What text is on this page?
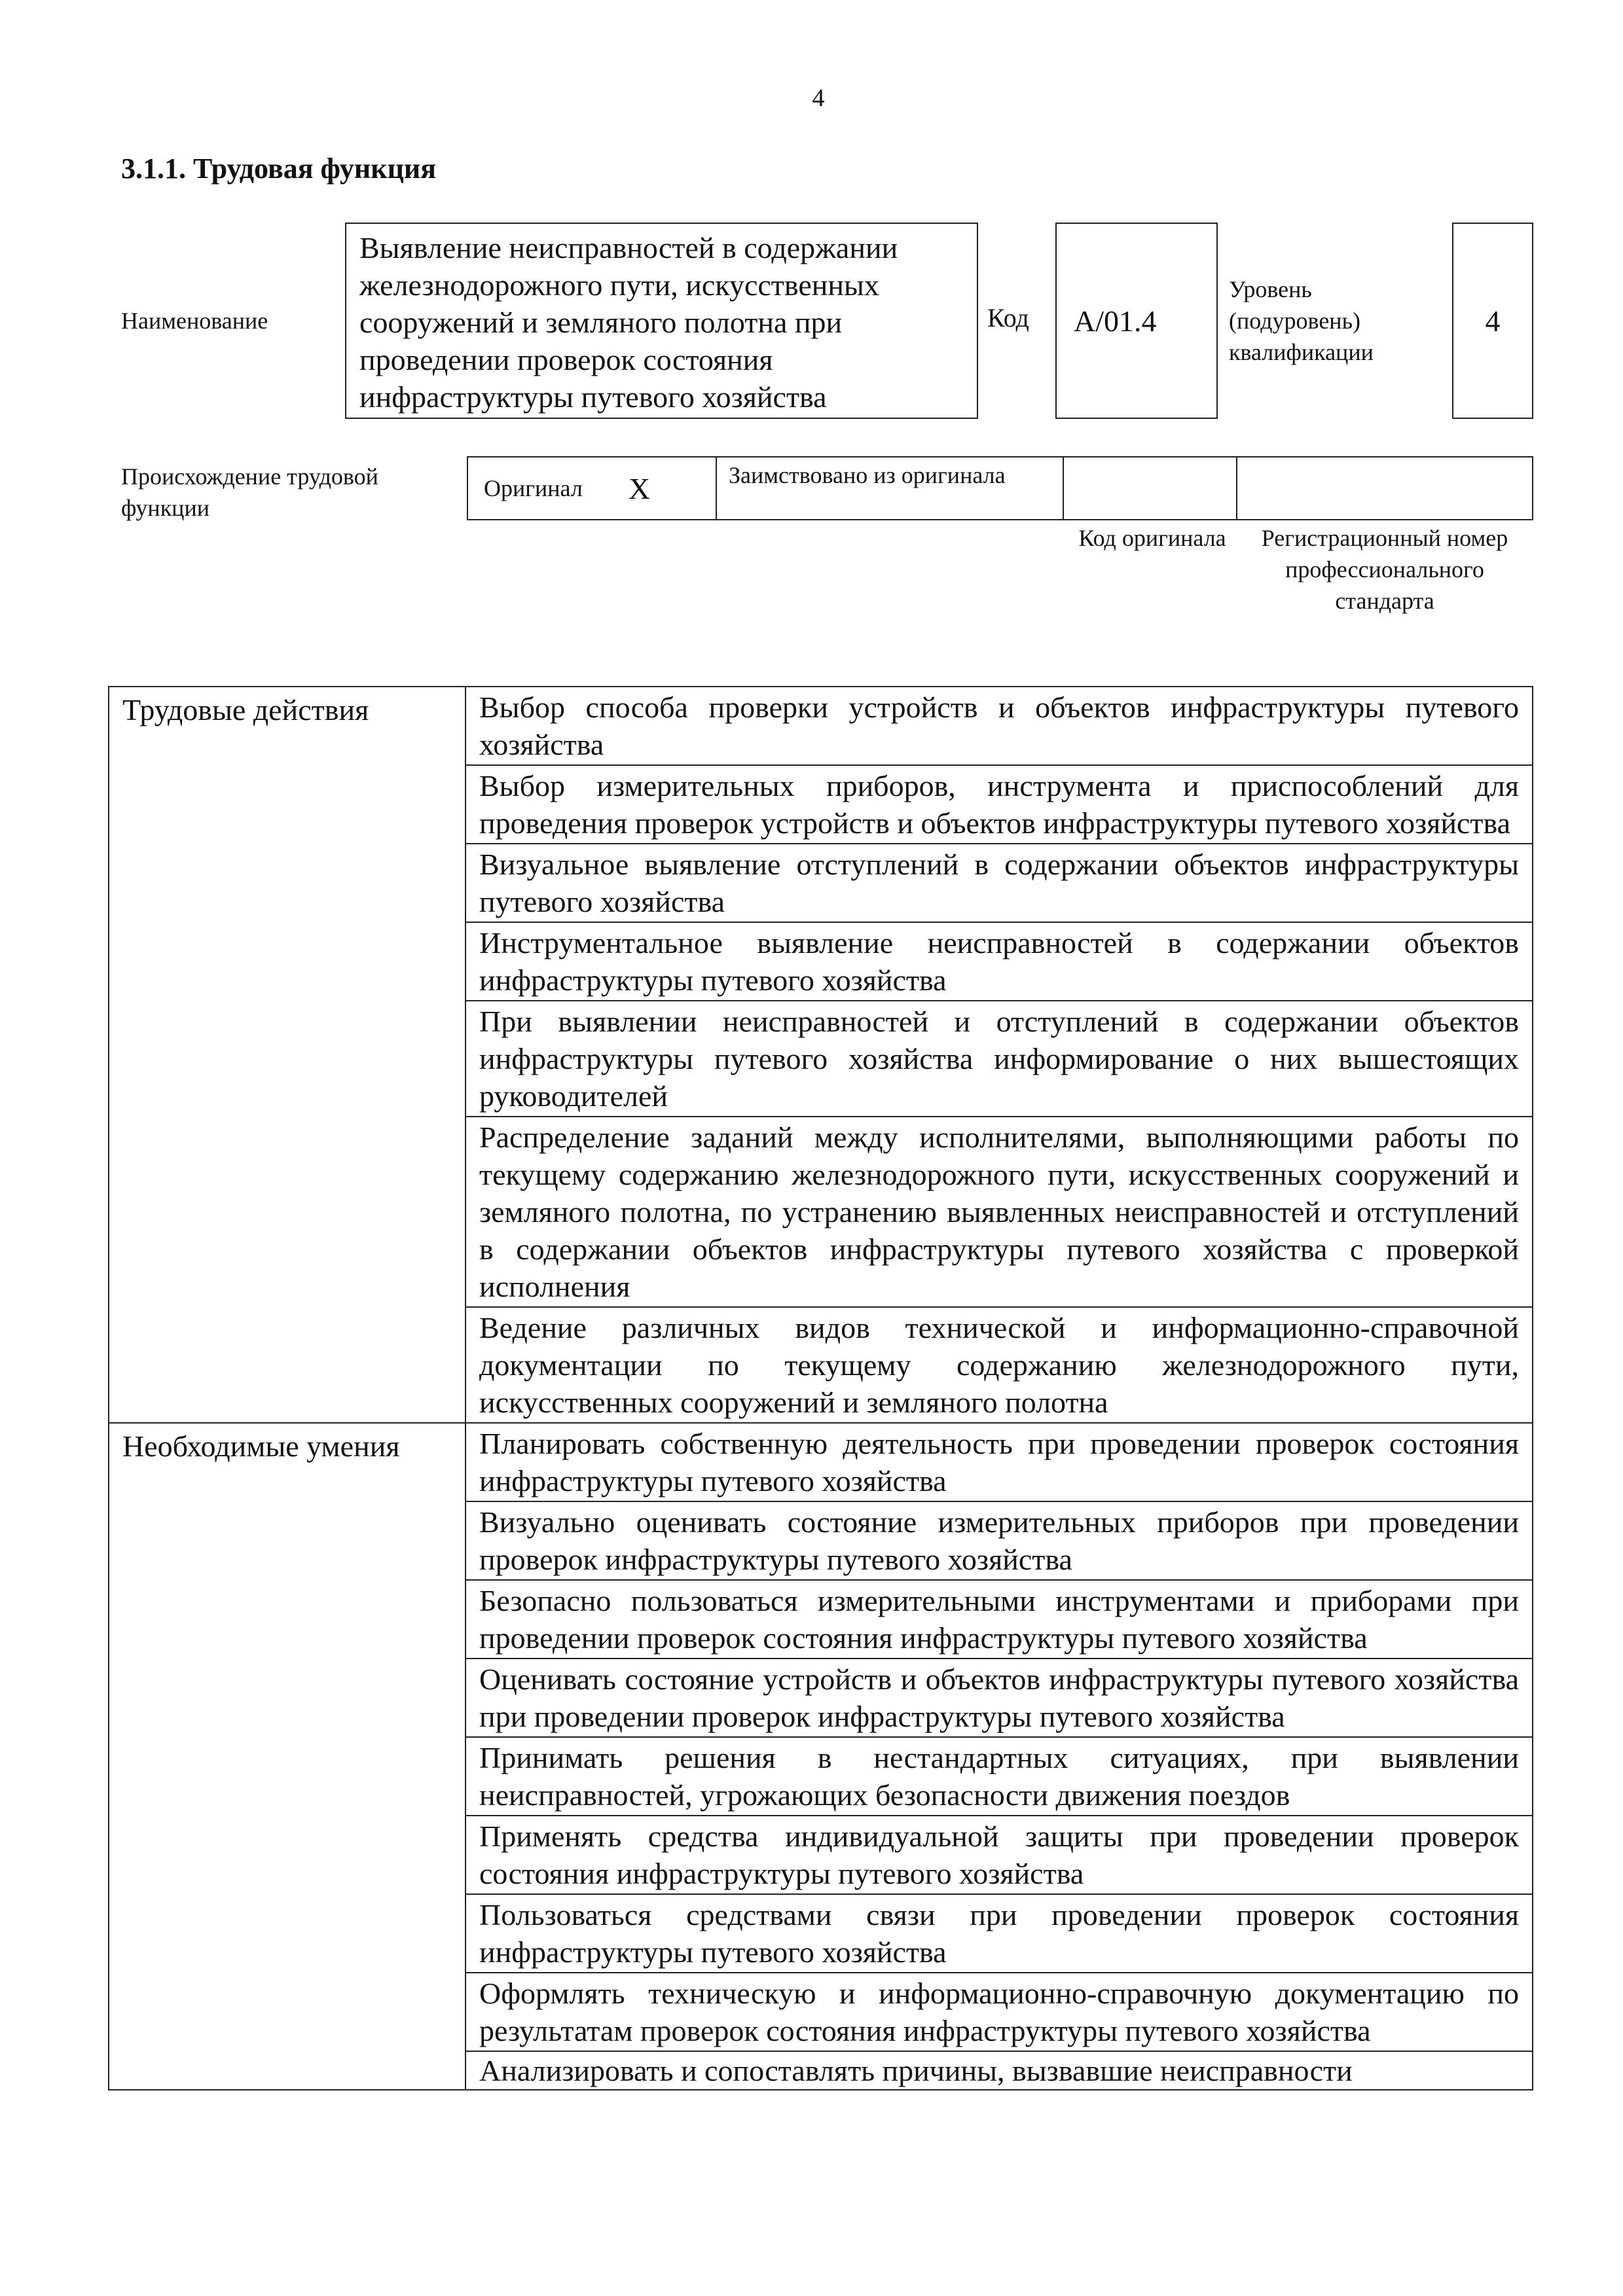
4
3.1.1. Трудовая функция
Наименование
Выявление неисправностей в содержании железнодорожного пути, искусственных сооружений и земляного полотна при проведении проверок состояния инфраструктуры путевого хозяйства
Код	A/01.4
Уровень (подуровень) квалификации
4
Происхождение трудовой функции
Оригинал X	Заимствовано из оригинала
Код оригинала	Регистрационный номер профессионального стандарта
Трудовые действия	Выбор способа проверки устройств и объектов инфраструктуры путевого хозяйства
	Выбор измерительных приборов, инструмента и приспособлений для проведения проверок устройств и объектов инфраструктуры путевого хозяйства
	Визуальное выявление отступлений в содержании объектов инфраструктуры путевого хозяйства
	Инструментальное выявление неисправностей в содержании объектов инфраструктуры путевого хозяйства
	При выявлении неисправностей и отступлений в содержании объектов инфраструктуры путевого хозяйства информирование о них вышестоящих руководителей
	Распределение заданий между исполнителями, выполняющими работы по текущему содержанию железнодорожного пути, искусственных сооружений и земляного полотна, по устранению выявленных неисправностей и отступлений в содержании объектов инфраструктуры путевого хозяйства с проверкой исполнения
	Ведение различных видов технической и информационно-справочной документации по текущему содержанию железнодорожного пути, искусственных сооружений и земляного полотна
Необходимые умения	Планировать собственную деятельность при проведении проверок состояния инфраструктуры путевого хозяйства
	Визуально оценивать состояние измерительных приборов при проведении проверок инфраструктуры путевого хозяйства
	Безопасно пользоваться измерительными инструментами и приборами при проведении проверок состояния инфраструктуры путевого хозяйства
	Оценивать состояние устройств и объектов инфраструктуры путевого хозяйства при проведении проверок инфраструктуры путевого хозяйства
	Принимать решения в нестандартных ситуациях, при выявлении неисправностей, угрожающих безопасности движения поездов
	Применять средства индивидуальной защиты при проведении проверок состояния инфраструктуры путевого хозяйства
	Пользоваться средствами связи при проведении проверок состояния инфраструктуры путевого хозяйства
	Оформлять техническую и информационно-справочную документацию по результатам проверок состояния инфраструктуры путевого хозяйства
	Анализировать и сопоставлять причины, вызвавшие неисправности
